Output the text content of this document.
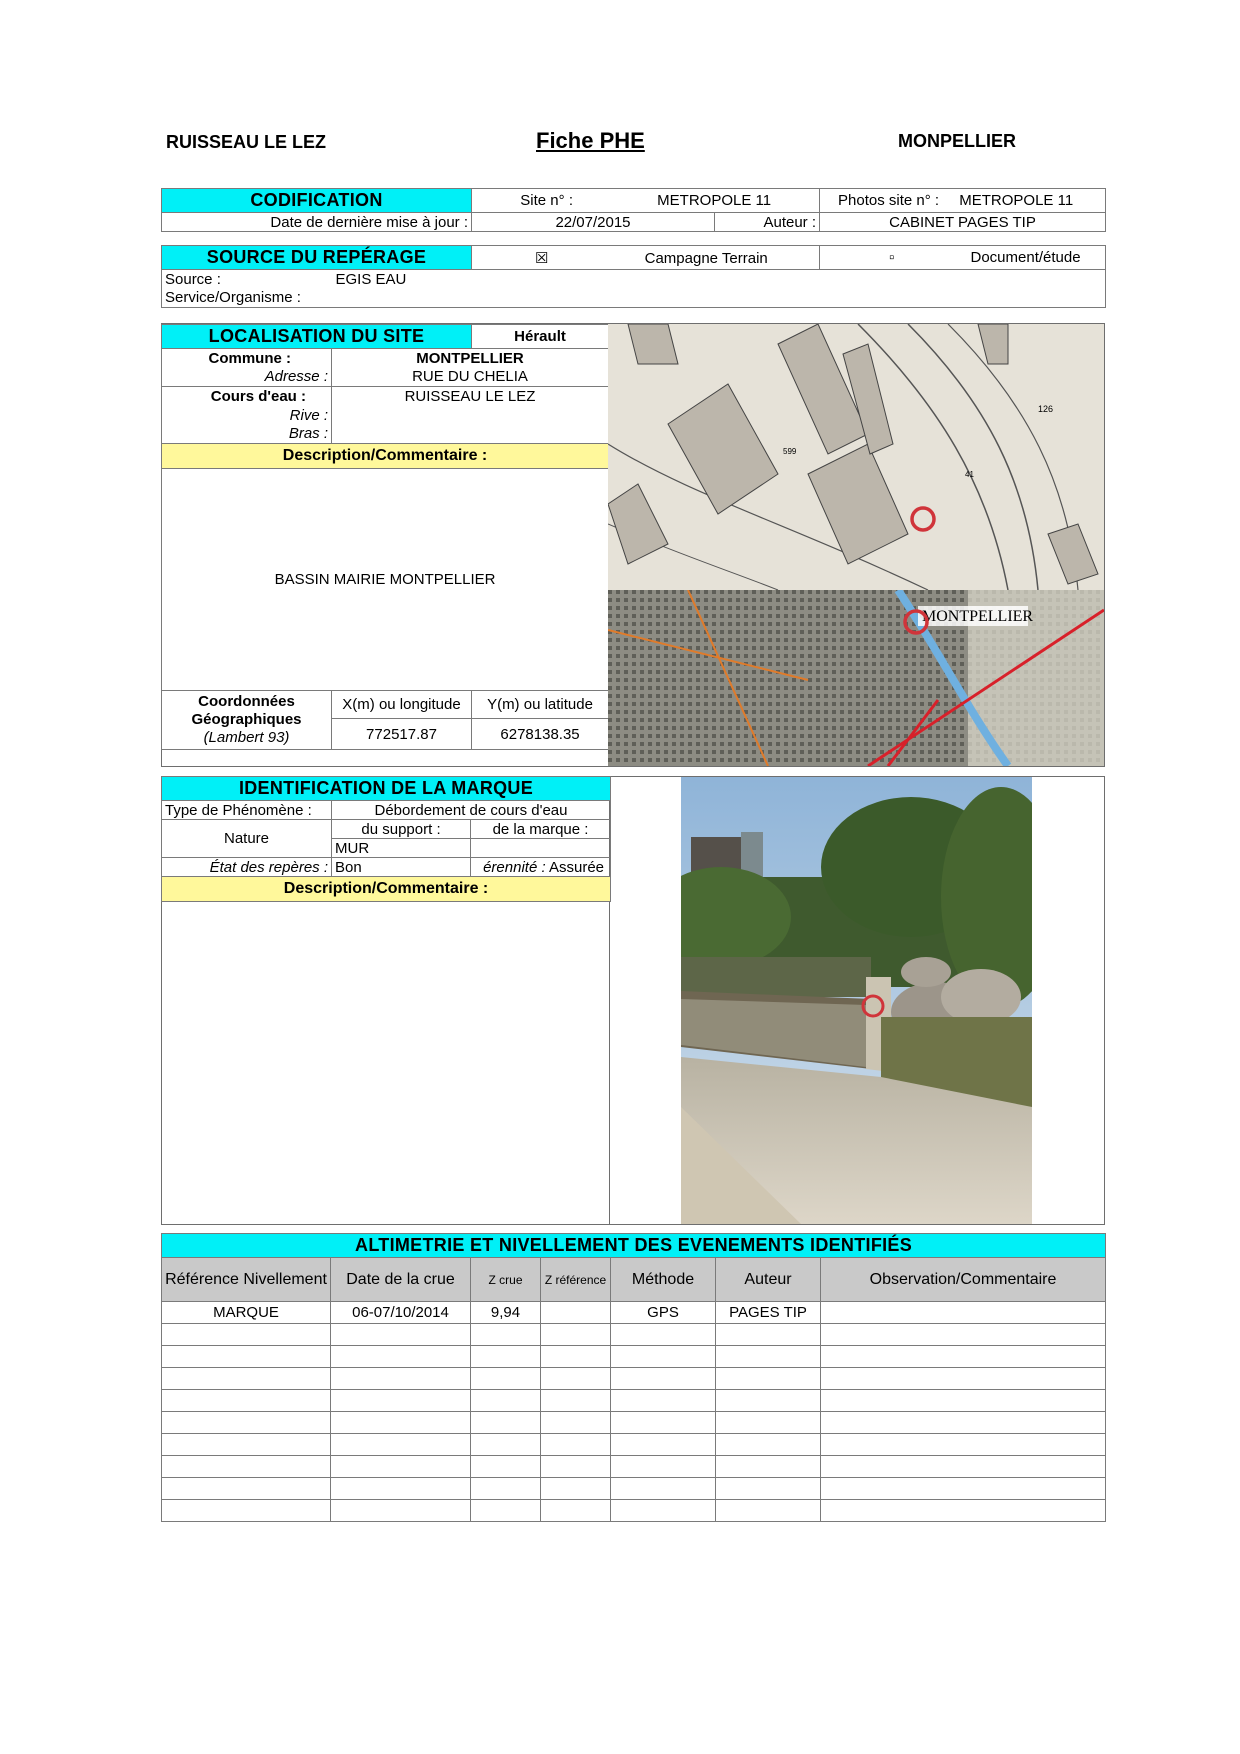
RUISSEAU LE LEZ	Fiche PHE	MONPELLIER
CODIFICATION	Site n° : METROPOLE 11		Photos site n° : METROPOLE 11
Date de dernière mise à jour :	22/07/2015	Auteur :	CABINET PAGES TIP
SOURCE DU REPÉRAGE		☒ Campagne Terrain	▫ Document/étude
Source :	EGIS EAU		
Service/Organisme :			
LOCALISATION DU SITE		Hérault
Commune :	MONTPELLIER	
Adresse :	RUE DU CHELIA	
Cours d'eau :	RUISSEAU LE LEZ	
Rive :		
Bras :		
Description/Commentaire :		
BASSIN MAIRIE MONTPELLIER		
Coordonnées
Géographiques
(Lambert 93)	X(m) ou longitude	Y(m) ou latitude
	772517.87	6278138.35
599
126
41
MONTPELLIER
IDENTIFICATION DE LA MARQUE		
Type de Phénomène :	Débordement de cours d'eau	
Nature	du support :	de la marque :
	MUR	
État des repères :	Bon	érennité : Assurée
Description/Commentaire :		
ALTIMETRIE ET NIVELLEMENT DES EVENEMENTS IDENTIFIÉS						
Référence Nivellement	Date de la crue	Z crue	Z référence	Méthode	Auteur	Observation/Commentaire
MARQUE	06-07/10/2014	9,94		GPS	PAGES TIP	
